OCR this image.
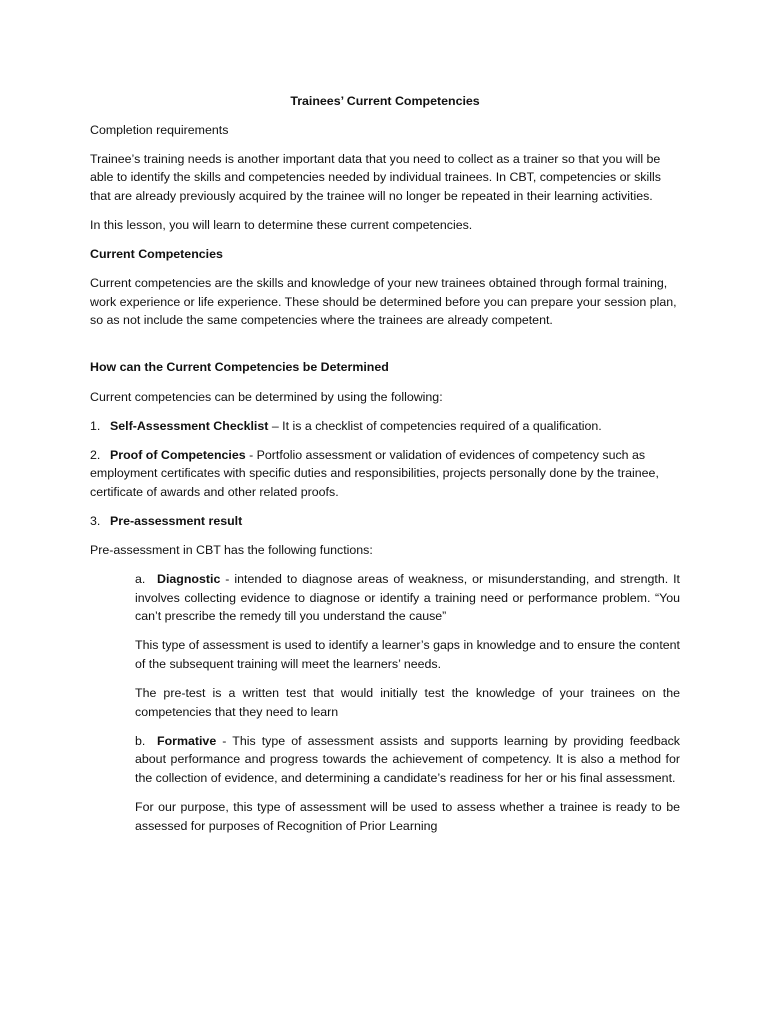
Trainees’ Current Competencies

Completion requirements

Trainee’s training needs is another important data that you need to collect as a trainer so that you will be able to identify the skills and competencies needed by individual trainees. In CBT, competencies or skills that are already previously acquired by the trainee will no longer be repeated in their learning activities.

In this lesson, you will learn to determine these current competencies.

Current Competencies

Current competencies are the skills and knowledge of your new trainees obtained through formal training, work experience or life experience. These should be determined before you can prepare your session plan, so as not include the same competencies where the trainees are already competent.

How can the Current Competencies be Determined

Current competencies can be determined by using the following:

1. Self-Assessment Checklist – It is a checklist of competencies required of a qualification.

2. Proof of Competencies - Portfolio assessment or validation of evidences of competency such as employment certificates with specific duties and responsibilities, projects personally done by the trainee, certificate of awards and other related proofs.

3. Pre-assessment result

Pre-assessment in CBT has the following functions:

a. Diagnostic - intended to diagnose areas of weakness, or misunderstanding, and strength. It involves collecting evidence to diagnose or identify a training need or performance problem. “You can’t prescribe the remedy till you understand the cause”

This type of assessment is used to identify a learner’s gaps in knowledge and to ensure the content of the subsequent training will meet the learners’ needs.

The pre-test is a written test that would initially test the knowledge of your trainees on the competencies that they need to learn

b. Formative - This type of assessment assists and supports learning by providing feedback about performance and progress towards the achievement of competency. It is also a method for the collection of evidence, and determining a candidate’s readiness for her or his final assessment.

For our purpose, this type of assessment will be used to assess whether a trainee is ready to be assessed for purposes of Recognition of Prior Learning
